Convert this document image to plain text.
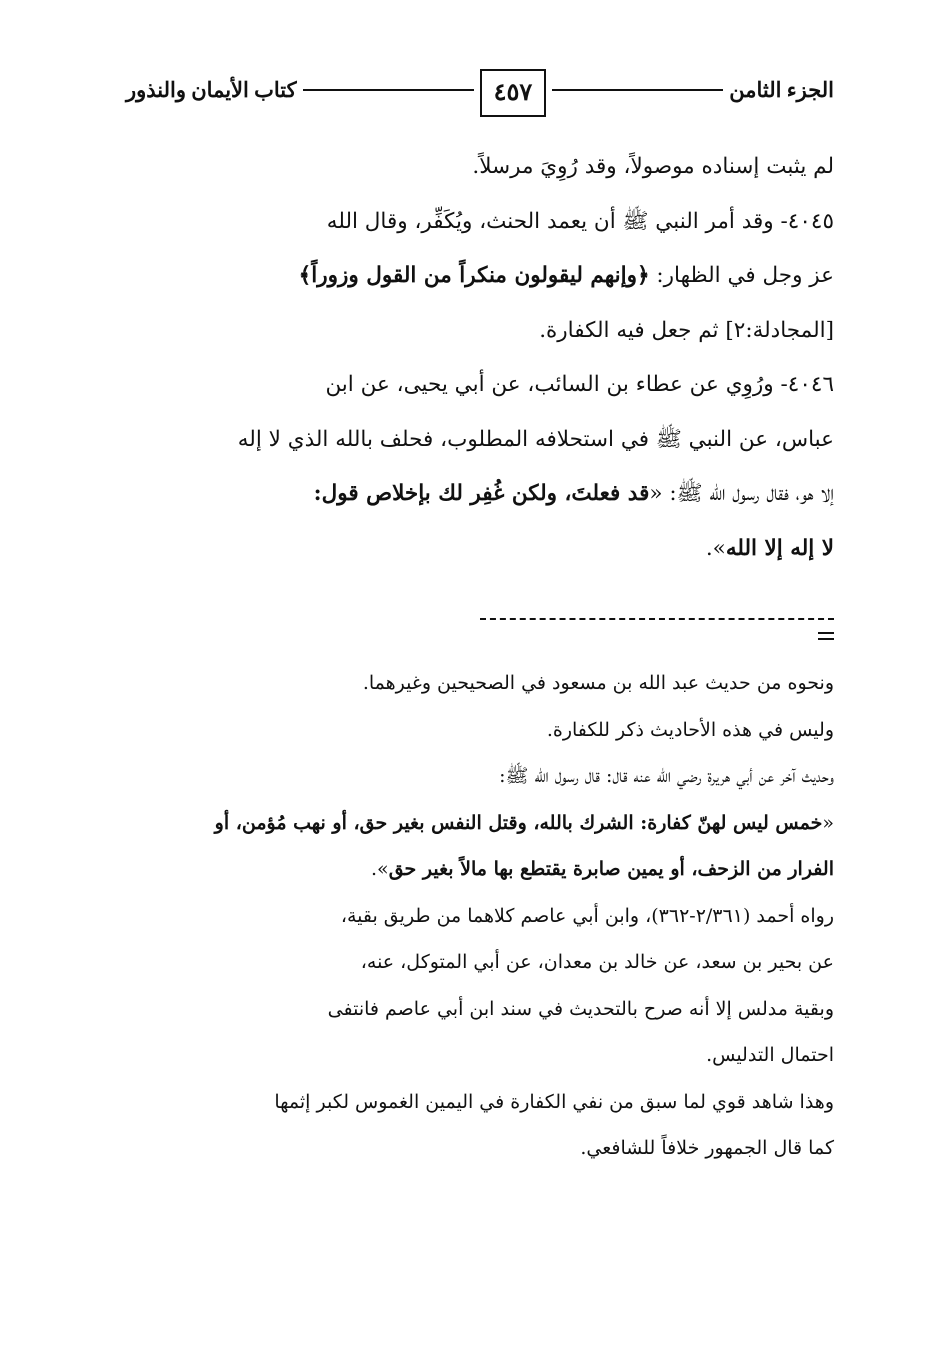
الجزء الثامن
٤٥٧
كتاب الأيمان والنذور

لم يثبت إسناده موصولاً، وقد رُوِيَ مرسلاً.

٤٠٤٥- وقد أمر النبي ﷺ أن يعمد الحنث، ويُكَفِّر، وقال الله

عز وجل في الظهار: ﴿وإنهم ليقولون منكراً من القول وزوراً﴾

[المجادلة:٢] ثم جعل فيه الكفارة.

٤٠٤٦- ورُوِي عن عطاء بن السائب، عن أبي يحيى، عن ابن

عباس، عن النبي ﷺ في استحلافه المطلوب، فحلف بالله الذي لا إله

إلا هو، فقال رسول الله ﷺ: «قد فعلتَ، ولكن غُفِر لك بإخلاص قول:

لا إله إلا الله».

ونحوه من حديث عبد الله بن مسعود في الصحيحين وغيرهما.

وليس في هذه الأحاديث ذكر للكفارة.

وحديث آخر عن أبي هريرة رضي الله عنه قال: قال رسول الله ﷺ:

«خمس ليس لهنّ كفارة: الشرك بالله، وقتل النفس بغير حق، أو نهب مُؤمن، أو

الفرار من الزحف، أو يمين صابرة يقتطع بها مالاً بغير حق».

رواه أحمد (٢/٣٦١-٣٦٢)، وابن أبي عاصم كلاهما من طريق بقية،

عن بحير بن سعد، عن خالد بن معدان، عن أبي المتوكل، عنه،

وبقية مدلس إلا أنه صرح بالتحديث في سند ابن أبي عاصم فانتفى

احتمال التدليس.

وهذا شاهد قوي لما سبق من نفي الكفارة في اليمين الغموس لكبر إثمها

كما قال الجمهور خلافاً للشافعي.
